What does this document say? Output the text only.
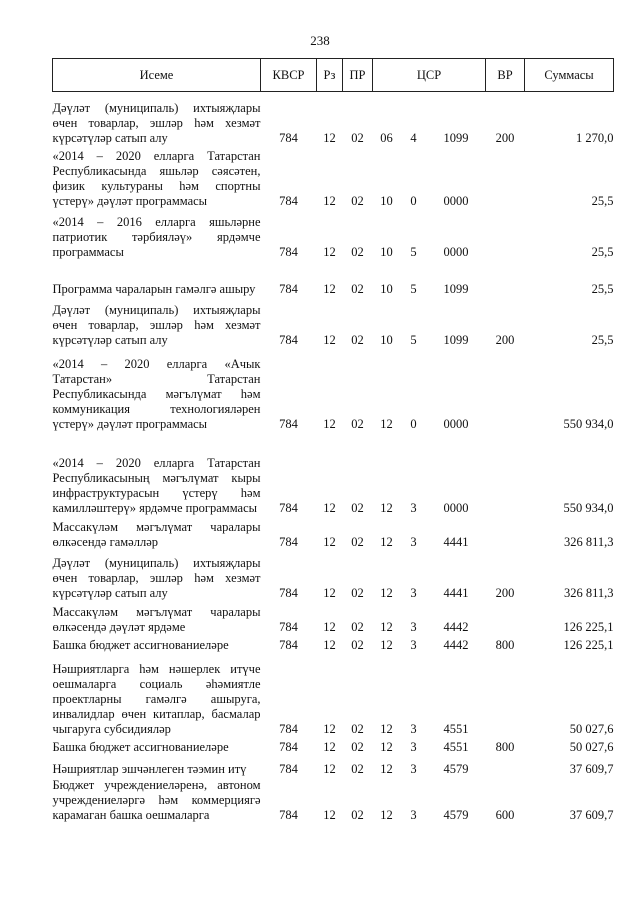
238
Исеме	КВСР	Рз	ПР	ЦСР			ВР	Суммасы
Дәүләт (муниципаль) ихтыяҗлары өчен товарлар, эшләр һәм хезмәт күрсәтүләр сатып алу	784	12	02	06	4	1099	200	1 270,0
«2014 – 2020 елларга Татарстан Республикасында яшьләр сәясәтен, физик культураны һәм спортны үстерү» дәүләт программасы	784	12	02	10	0	0000		25,5
«2014 – 2016 елларга яшьләрне патриотик тәрбияләү» ярдәмче программасы	784	12	02	10	5	0000		25,5
Программа чараларын гамәлгә ашыру	784	12	02	10	5	1099		25,5
Дәүләт (муниципаль) ихтыяҗлары өчен товарлар, эшләр һәм хезмәт күрсәтүләр сатып алу	784	12	02	10	5	1099	200	25,5
«2014 – 2020 елларга «Ачык Татарстан» Татарстан Республикасында мәгълүмат һәм коммуникация технологияләрен үстерү» дәүләт программасы	784	12	02	12	0	0000		550 934,0
«2014 – 2020 елларга Татарстан Республикасының мәгълүмат кыры инфраструктурасын үстерү һәм камилләштерү» ярдәмче программасы	784	12	02	12	3	0000		550 934,0
Массакүләм мәгълүмат чаралары өлкәсендә гамәлләр	784	12	02	12	3	4441		326 811,3
Дәүләт (муниципаль) ихтыяҗлары өчен товарлар, эшләр һәм хезмәт күрсәтүләр сатып алу	784	12	02	12	3	4441	200	326 811,3
Массакүләм мәгълүмат чаралары өлкәсендә дәүләт ярдәме	784	12	02	12	3	4442		126 225,1
Башка бюджет ассигнованиеләре	784	12	02	12	3	4442	800	126 225,1
Нәшриятларга һәм нәшерлек итүче оешмаларга социаль әһәмиятле проектларны гамәлгә ашыруга, инвалидлар өчен китаплар, басмалар чыгаруга субсидияләр	784	12	02	12	3	4551		50 027,6
Башка бюджет ассигнованиеләре	784	12	02	12	3	4551	800	50 027,6
Нәшриятлар эшчәнлеген тәэмин итү	784	12	02	12	3	4579		37 609,7
Бюджет учреждениеләренә, автоном учреждениеләргә һәм коммерциягә карамаган башка оешмаларга	784	12	02	12	3	4579	600	37 609,7
